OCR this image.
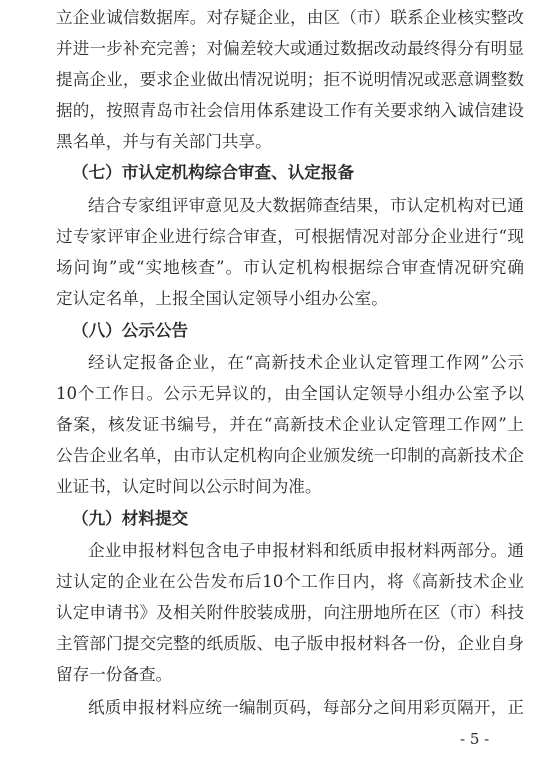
立企业诚信数据库。对存疑企业，由区（市）联系企业核实整改
并进一步补充完善；对偏差较大或通过数据改动最终得分有明显
提高企业，要求企业做出情况说明；拒不说明情况或恶意调整数
据的，按照青岛市社会信用体系建设工作有关要求纳入诚信建设
黑名单，并与有关部门共享。
（七）市认定机构综合审查、认定报备
结合专家组评审意见及大数据筛查结果，市认定机构对已通
过专家评审企业进行综合审查，可根据情况对部分企业进行“现
场问询”或“实地核查”。市认定机构根据综合审查情况研究确
定认定名单，上报全国认定领导小组办公室。
（八）公示公告
经认定报备企业，在“高新技术企业认定管理工作网”公示
10个工作日。公示无异议的，由全国认定领导小组办公室予以
备案，核发证书编号，并在“高新技术企业认定管理工作网”上
公告企业名单，由市认定机构向企业颁发统一印制的高新技术企
业证书，认定时间以公示时间为准。
（九）材料提交
企业申报材料包含电子申报材料和纸质申报材料两部分。通
过认定的企业在公告发布后10个工作日内，将《高新技术企业
认定申请书》及相关附件胶装成册，向注册地所在区（市）科技
主管部门提交完整的纸质版、电子版申报材料各一份，企业自身
留存一份备查。
纸质申报材料应统一编制页码，每部分之间用彩页隔开，正
- 5 -
